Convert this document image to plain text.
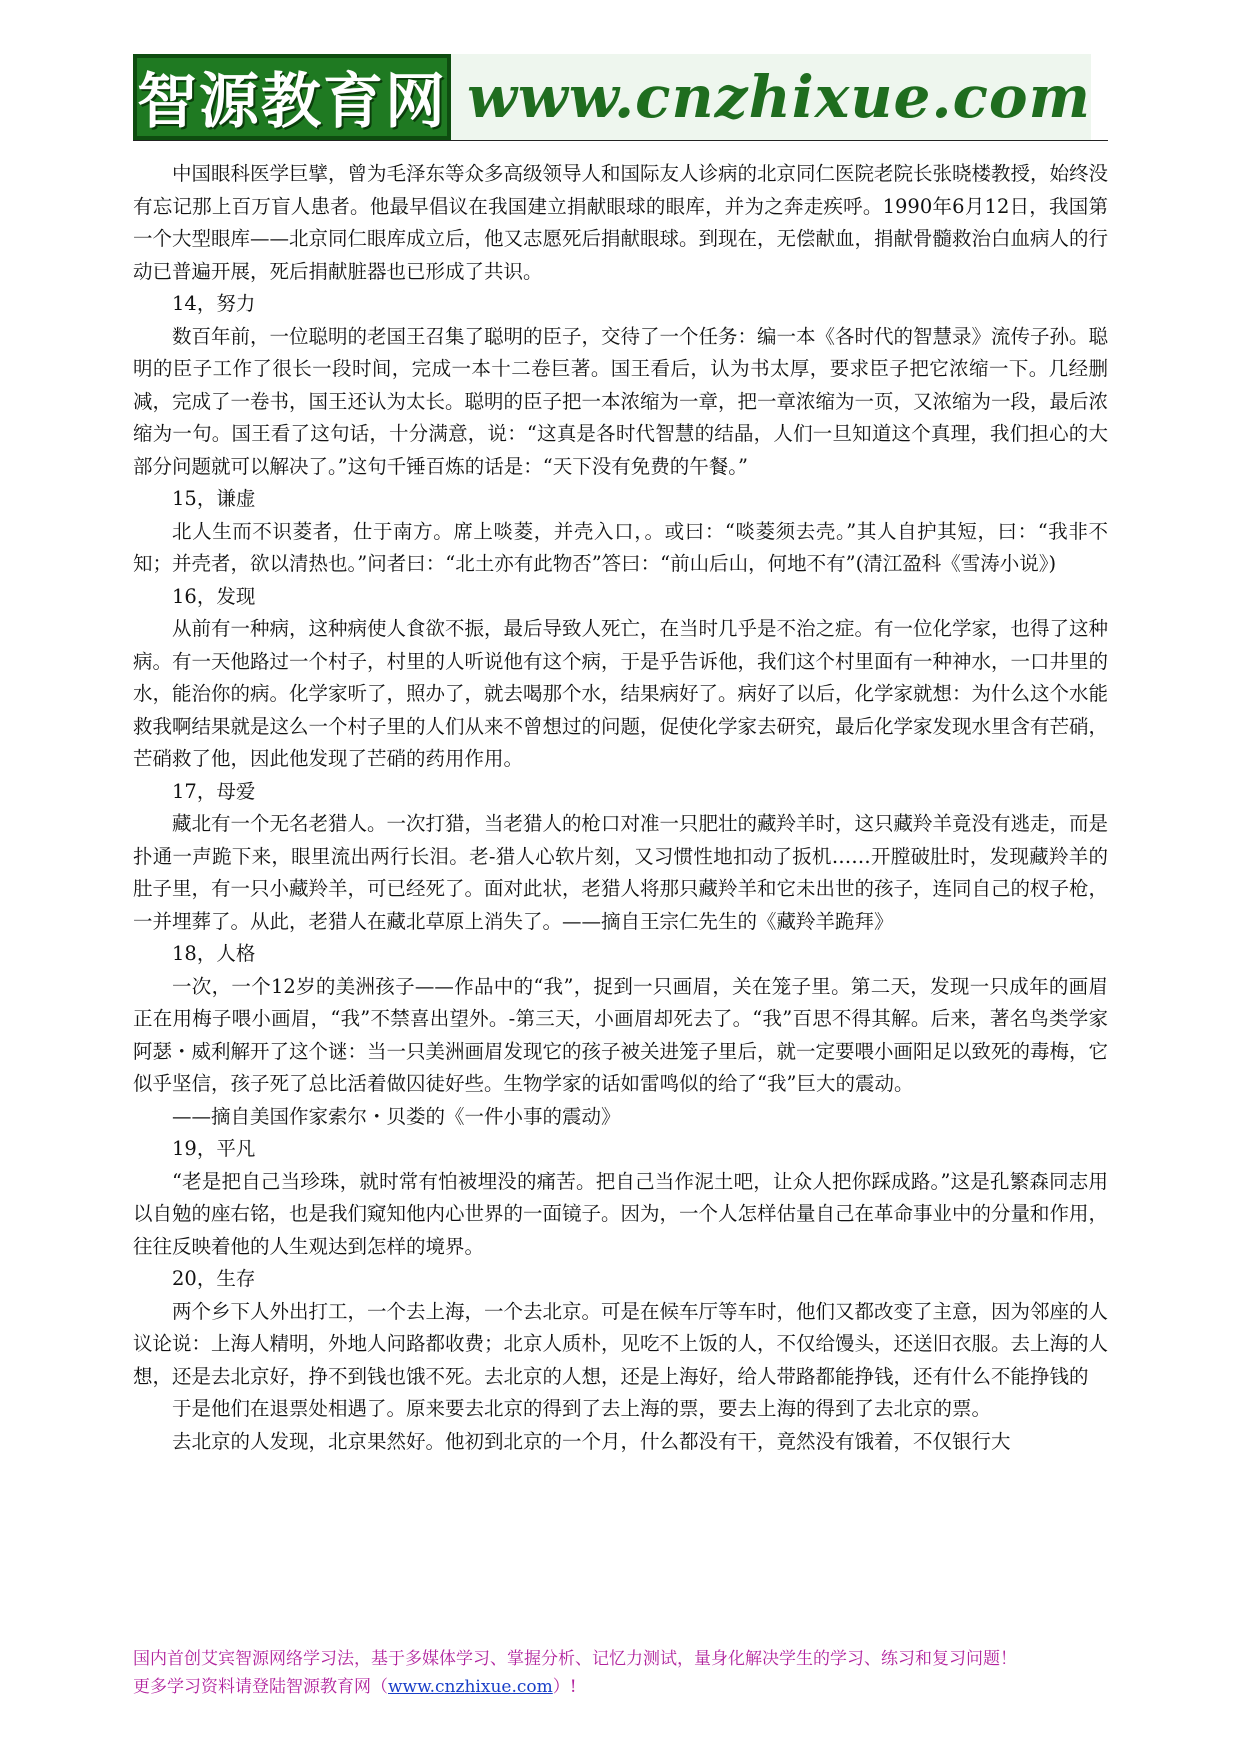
智源教育网 www.cnzhixue.com

中国眼科医学巨擘，曾为毛泽东等众多高级领导人和国际友人诊病的北京同仁医院老院长张晓楼教授，始终没有忘记那上百万盲人患者。他最早倡议在我国建立捐献眼球的眼库，并为之奔走疾呼。1990年6月12日，我国第一个大型眼库——北京同仁眼库成立后，他又志愿死后捐献眼球。到现在，无偿献血，捐献骨髓救治白血病人的行动已普遍开展，死后捐献脏器也已形成了共识。

14，努力

数百年前，一位聪明的老国王召集了聪明的臣子，交待了一个任务：编一本《各时代的智慧录》流传子孙。聪明的臣子工作了很长一段时间，完成一本十二卷巨著。国王看后，认为书太厚，要求臣子把它浓缩一下。几经删减，完成了一卷书，国王还认为太长。聪明的臣子把一本浓缩为一章，把一章浓缩为一页，又浓缩为一段，最后浓缩为一句。国王看了这句话，十分满意，说：“这真是各时代智慧的结晶，人们一旦知道这个真理，我们担心的大部分问题就可以解决了。”这句千锤百炼的话是：“天下没有免费的午餐。”

15，谦虚

北人生而不识菱者，仕于南方。席上啖菱，并壳入口，。或曰：“啖菱须去壳。”其人自护其短，曰：“我非不知；并壳者，欲以清热也。”问者曰：“北土亦有此物否”答曰：“前山后山，何地不有”(清江盈科《雪涛小说》)

16，发现

从前有一种病，这种病使人食欲不振，最后导致人死亡，在当时几乎是不治之症。有一位化学家，也得了这种病。有一天他路过一个村子，村里的人听说他有这个病，于是乎告诉他，我们这个村里面有一种神水，一口井里的水，能治你的病。化学家听了，照办了，就去喝那个水，结果病好了。病好了以后，化学家就想：为什么这个水能救我啊结果就是这么一个村子里的人们从来不曾想过的问题，促使化学家去研究，最后化学家发现水里含有芒硝，芒硝救了他，因此他发现了芒硝的药用作用。

17，母爱

藏北有一个无名老猎人。一次打猎，当老猎人的枪口对准一只肥壮的藏羚羊时，这只藏羚羊竟没有逃走，而是扑通一声跪下来，眼里流出两行长泪。老-猎人心软片刻，又习惯性地扣动了扳机……开膛破肚时，发现藏羚羊的肚子里，有一只小藏羚羊，可已经死了。面对此状，老猎人将那只藏羚羊和它未出世的孩子，连同自己的杈子枪，一并埋葬了。从此，老猎人在藏北草原上消失了。——摘自王宗仁先生的《藏羚羊跪拜》

18，人格

一次，一个12岁的美洲孩子——作品中的“我”，捉到一只画眉，关在笼子里。第二天，发现一只成年的画眉正在用梅子喂小画眉，“我”不禁喜出望外。-第三天，小画眉却死去了。“我”百思不得其解。后来，著名鸟类学家阿瑟・威利解开了这个谜：当一只美洲画眉发现它的孩子被关进笼子里后，就一定要喂小画阳足以致死的毒梅，它似乎坚信，孩子死了总比活着做囚徒好些。生物学家的话如雷鸣似的给了“我”巨大的震动。

——摘自美国作家索尔・贝娄的《一件小事的震动》

19，平凡

“老是把自己当珍珠，就时常有怕被埋没的痛苦。把自己当作泥土吧，让众人把你踩成路。”这是孔繁森同志用以自勉的座右铭，也是我们窥知他内心世界的一面镜子。因为，一个人怎样估量自己在革命事业中的分量和作用，往往反映着他的人生观达到怎样的境界。

20，生存

两个乡下人外出打工，一个去上海，一个去北京。可是在候车厅等车时，他们又都改变了主意，因为邻座的人议论说：上海人精明，外地人问路都收费；北京人质朴，见吃不上饭的人，不仅给馒头，还送旧衣服。去上海的人想，还是去北京好，挣不到钱也饿不死。去北京的人想，还是上海好，给人带路都能挣钱，还有什么不能挣钱的

于是他们在退票处相遇了。原来要去北京的得到了去上海的票，要去上海的得到了去北京的票。

去北京的人发现，北京果然好。他初到北京的一个月，什么都没有干，竟然没有饿着，不仅银行大

国内首创艾宾智源网络学习法，基于多媒体学习、掌握分析、记忆力测试，量身化解决学生的学习、练习和复习问题！
更多学习资料请登陆智源教育网（www.cnzhixue.com）!
